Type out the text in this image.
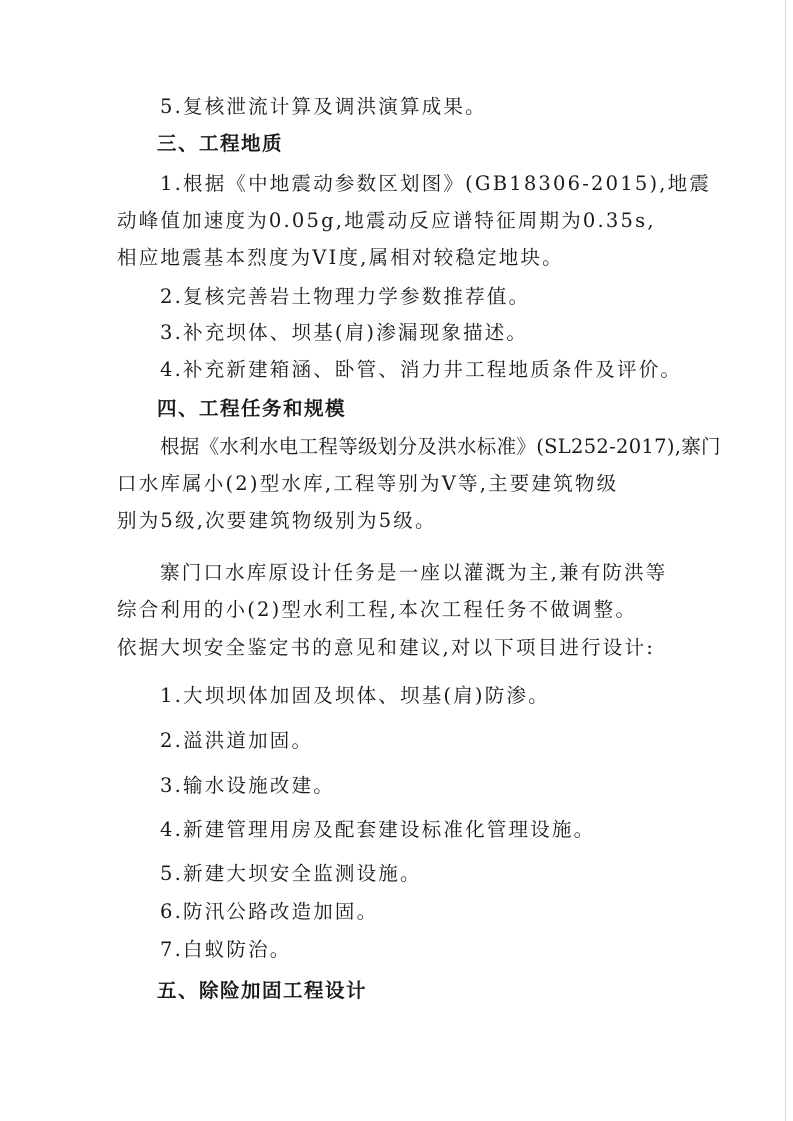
5.复核泄流计算及调洪演算成果。
三、工程地质
1.根据《中地震动参数区划图》(GB18306-2015),地震
动峰值加速度为0.05g,地震动反应谱特征周期为0.35s,
相应地震基本烈度为VI度,属相对较稳定地块。
2.复核完善岩土物理力学参数推荐值。
3.补充坝体、坝基(肩)渗漏现象描述。
4.补充新建箱涵、卧管、消力井工程地质条件及评价。
四、工程任务和规模
根据《水利水电工程等级划分及洪水标准》(SL252-2017),寨门
口水库属小(2)型水库,工程等别为V等,主要建筑物级
别为5级,次要建筑物级别为5级。
寨门口水库原设计任务是一座以灌溉为主,兼有防洪等
综合利用的小(2)型水利工程,本次工程任务不做调整。
依据大坝安全鉴定书的意见和建议,对以下项目进行设计:
1.大坝坝体加固及坝体、坝基(肩)防渗。
2.溢洪道加固。
3.输水设施改建。
4.新建管理用房及配套建设标准化管理设施。
5.新建大坝安全监测设施。
6.防汛公路改造加固。
7.白蚁防治。
五、除险加固工程设计
